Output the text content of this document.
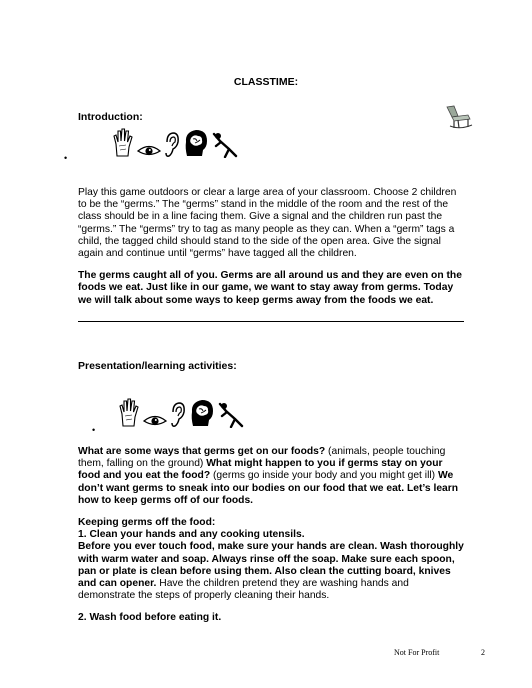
CLASSTIME:
Introduction:
•

Play this game outdoors or clear a large area of your classroom. Choose 2 children to be the “germs.” The “germs” stand in the middle of the room and the rest of the class should be in a line facing them. Give a signal and the children run past the “germs.” The “germs” try to tag as many people as they can. When a “germ” tags a child, the tagged child should stand to the side of the open area. Give the signal again and continue until “germs” have tagged all the children.

The germs caught all of you. Germs are all around us and they are even on the foods we eat. Just like in our game, we want to stay away from germs. Today we will talk about some ways to keep germs away from the foods we eat.

Presentation/learning activities:
•

What are some ways that germs get on our foods? (animals, people touching them, falling on the ground) What might happen to you if germs stay on your food and you eat the food? (germs go inside your body and you might get ill) We don’t want germs to sneak into our bodies on our food that we eat. Let’s learn how to keep germs off of our foods.

Keeping germs off the food:

1. Clean your hands and any cooking utensils.

Before you ever touch food, make sure your hands are clean. Wash thoroughly with warm water and soap. Always rinse off the soap. Make sure each spoon, pan or plate is clean before using them. Also clean the cutting board, knives and can opener. Have the children pretend they are washing hands and demonstrate the steps of properly cleaning their hands.

2. Wash food before eating it.

Not For Profit	2
